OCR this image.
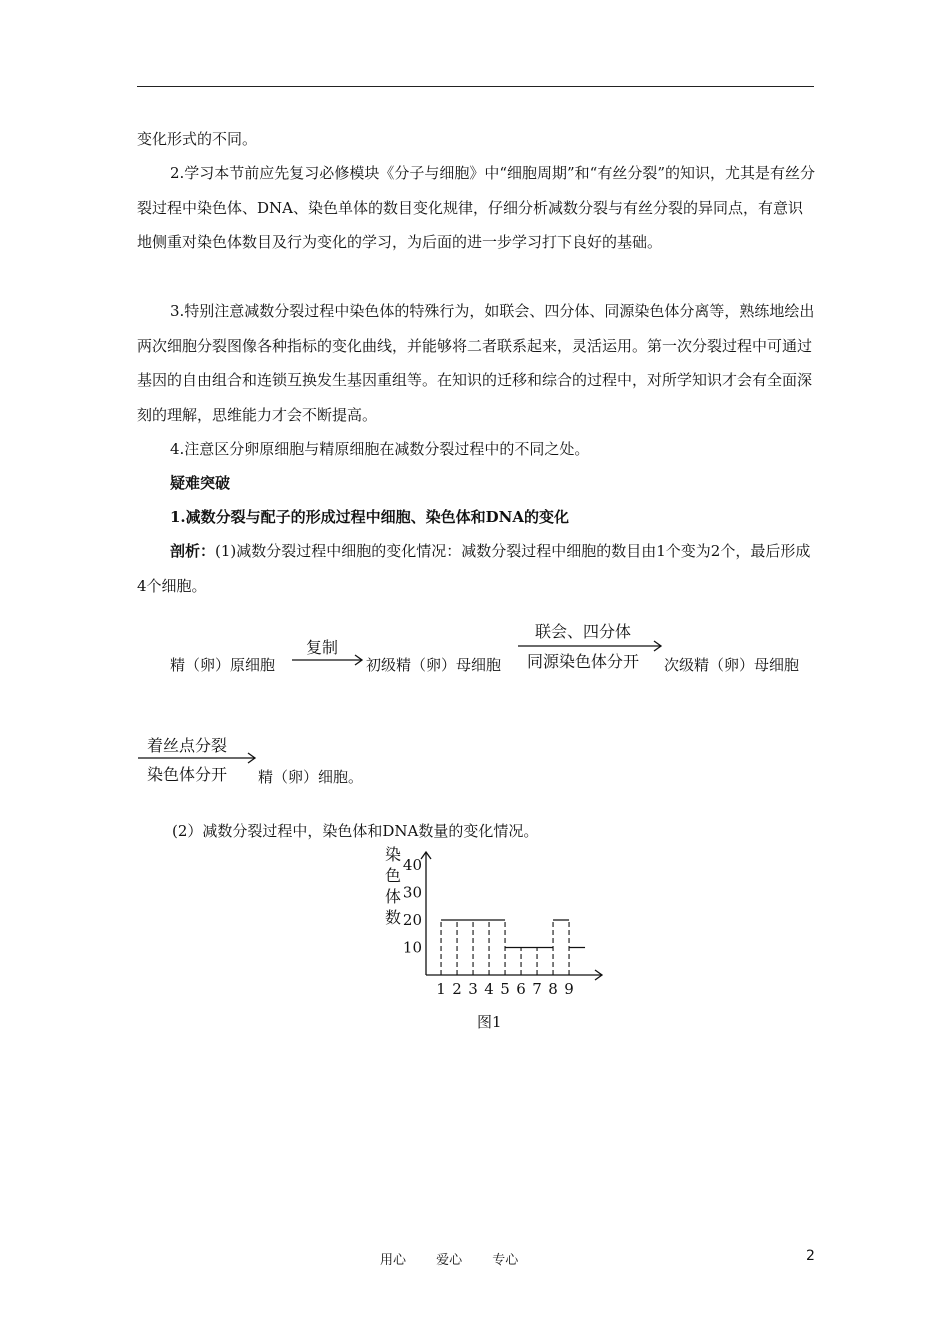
变化形式的不同。

2.学习本节前应先复习必修模块《分子与细胞》中“细胞周期”和“有丝分裂”的知识，尤其是有丝分裂过程中染色体、DNA、染色单体的数目变化规律，仔细分析减数分裂与有丝分裂的异同点，有意识地侧重对染色体数目及行为变化的学习，为后面的进一步学习打下良好的基础。

3.特别注意减数分裂过程中染色体的特殊行为，如联会、四分体、同源染色体分离等，熟练地绘出两次细胞分裂图像各种指标的变化曲线，并能够将二者联系起来，灵活运用。第一次分裂过程中可通过基因的自由组合和连锁互换发生基因重组等。在知识的迁移和综合的过程中，对所学知识才会有全面深刻的理解，思维能力才会不断提高。

4.注意区分卵原细胞与精原细胞在减数分裂过程中的不同之处。

疑难突破

1.减数分裂与配子的形成过程中细胞、染色体和DNA的变化

剖析：(1)减数分裂过程中细胞的变化情况：减数分裂过程中细胞的数目由1个变为2个，最后形成4个细胞。

精（卵）原细胞
复制
初级精（卵）母细胞
联会、四分体
同源染色体分开 次级精（卵）母细胞
着丝点分裂
染色体分开 精（卵）细胞。

(2）减数分裂过程中，染色体和DNA数量的变化情况。

染
色
体
数
10
20
30
40
1 2 3 4 5 6 7 8 9
图1
用心 爱心 专心	2
